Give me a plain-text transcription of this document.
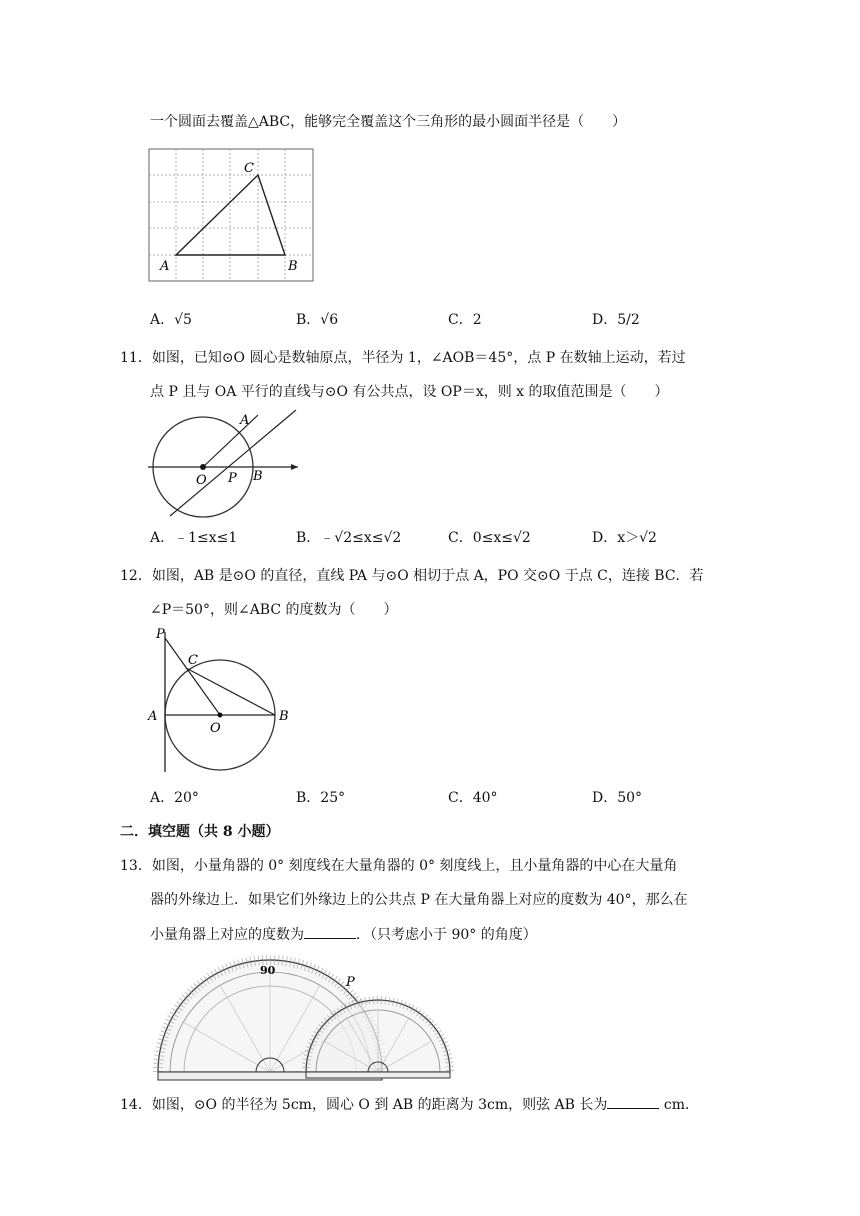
一个圆面去覆盖△ABC，能够完全覆盖这个三角形的最小圆面半径是（　　）
C
A	B
A．√5	B．√6	C．2	D．5/2
11．如图，已知⊙O 圆心是数轴原点，半径为 1，∠AOB＝45°，点 P 在数轴上运动，若过
点 P 且与 OA 平行的直线与⊙O 有公共点，设 OP＝x，则 x 的取值范围是（　　）
A
O P B
A．﹣1≤x≤1	B．﹣√2≤x≤√2	C．0≤x≤√2	D．x＞√2
12．如图，AB 是⊙O 的直径，直线 PA 与⊙O 相切于点 A，PO 交⊙O 于点 C，连接 BC．若
∠P＝50°，则∠ABC 的度数为（　　）
P
C
A
O
B
A．20°	B．25°	C．40°	D．50°
二．填空题（共 8 小题）
13．如图，小量角器的 0° 刻度线在大量角器的 0° 刻度线上，且小量角器的中心在大量角
器的外缘边上．如果它们外缘边上的公共点 P 在大量角器上对应的度数为 40°，那么在
小量角器上对应的度数为	．（只考虑小于 90° 的角度）
90
P
14．如图，⊙O 的半径为 5cm，圆心 O 到 AB 的距离为 3cm，则弦 AB 长为	cm．
